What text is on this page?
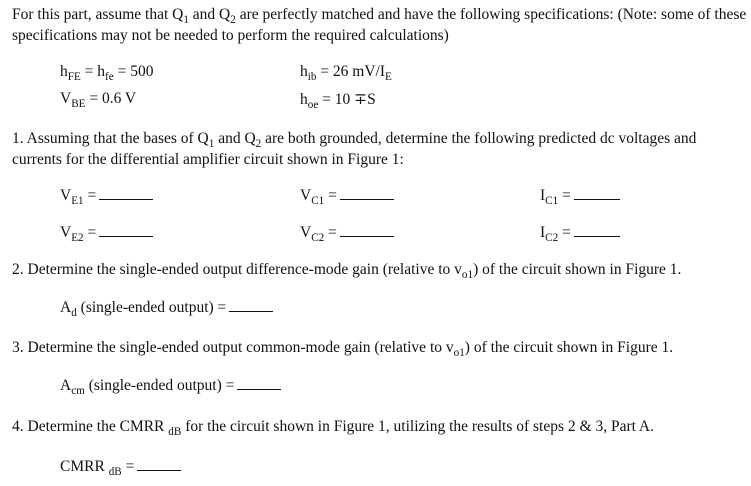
For this part, assume that $Q_1$ and $Q_2$ are perfectly matched and have the following specifications: (Note: some of these specifications may not be needed to perform the required calculations)
$h_{FE} = h_{fe} = 500$	$h_{ib} = 26$ $mV/I_E$
$V_{BE} = 0.6$ V	$h_{oe} = 10 \mp S$
1. Assuming that the bases of $Q_1$ and $Q_2$ are both grounded, determine the following predicted dc voltages and currents for the differential amplifier circuit shown in Figure 1:
$V_{E1}$ =	$V_{C1}$ =	$I_{C1}$ =
$V_{E2}$ =	$V_{C2}$ =	$I_{C2}$ =
2. Determine the single-ended output difference-mode gain (relative to $v_{o1}$) of the circuit shown in Figure 1.
$A_d$ (single-ended output) =
3. Determine the single-ended output common-mode gain (relative to $v_{o1}$) of the circuit shown in Figure 1.
$A_{cm}$ (single-ended output) =
4. Determine the CMRR $_{dB}$ for the circuit shown in Figure 1, utilizing the results of steps 2 & 3, Part A.
CMRR $_{dB}$ =
